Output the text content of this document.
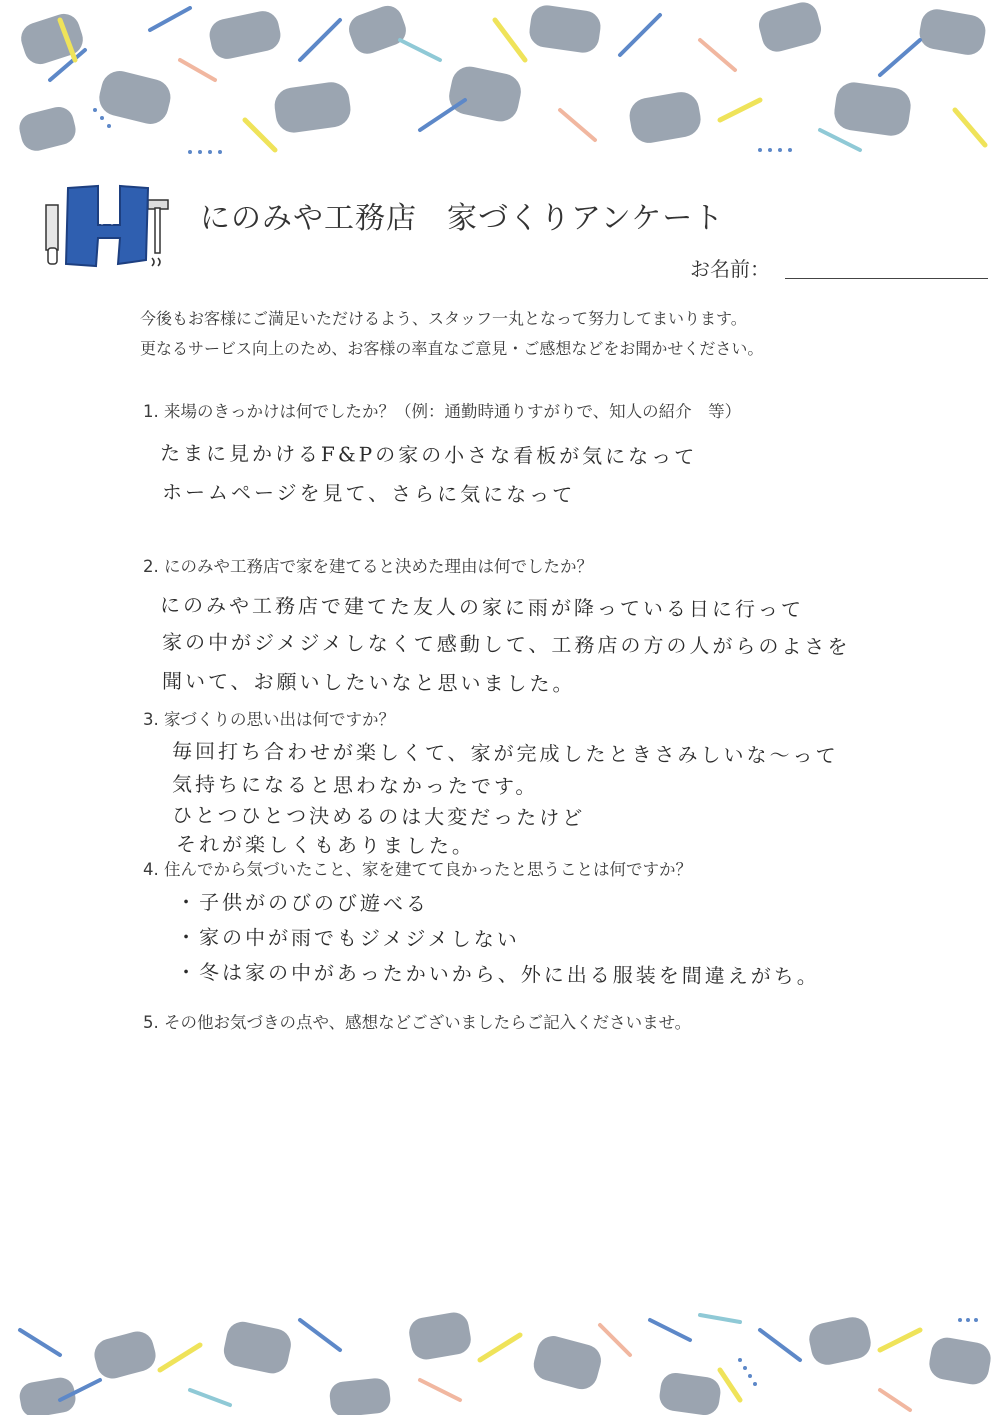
N
にのみや工務店 家づくりアンケート
お名前：
今後もお客様にご満足いただけるよう、スタッフ一丸となって努力してまいります。
更なるサービス向上のため、お客様の率直なご意見・ご感想などをお聞かせください。
1. 来場のきっかけは何でしたか？（例：通勤時通りすがりで、知人の紹介　等）
たまに見かけるF&Pの家の小さな看板が気になって
ホームページを見て、さらに気になって
2. にのみや工務店で家を建てると決めた理由は何でしたか？
にのみや工務店で建てた友人の家に雨が降っている日に行って
家の中がジメジメしなくて感動して、工務店の方の人がらのよさを
聞いて、お願いしたいなと思いました。
3. 家づくりの思い出は何ですか？
毎回打ち合わせが楽しくて、家が完成したときさみしいな〜って
気持ちになると思わなかったです。
ひとつひとつ決めるのは大変だったけど
それが楽しくもありました。
4. 住んでから気づいたこと、家を建てて良かったと思うことは何ですか？
・子供がのびのび遊べる
・家の中が雨でもジメジメしない
・冬は家の中があったかいから、外に出る服装を間違えがち。
5. その他お気づきの点や、感想などございましたらご記入くださいませ。
